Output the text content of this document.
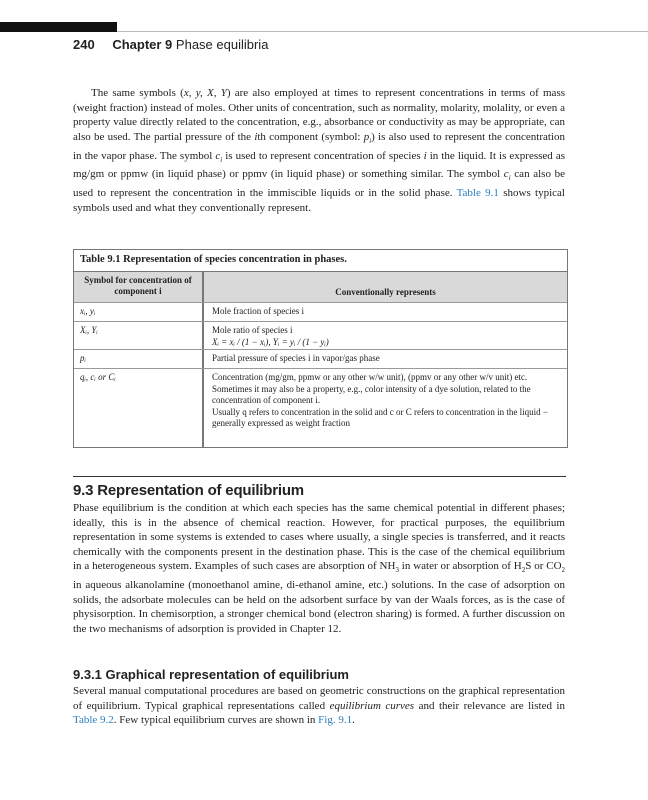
240 Chapter 9 Phase equilibria

The same symbols (x, y, X, Y) are also employed at times to represent concentrations in terms of mass (weight fraction) instead of moles. Other units of concentration, such as normality, molarity, molality, or even a property value directly related to the concentration, e.g., absorbance or conductivity as may be appropriate, can also be used. The partial pressure of the ith component (symbol: $p_i$) is also used to represent the concentration in the vapor phase. The symbol $c_i$ is used to represent concentration of species i in the liquid. It is expressed as mg/gm or ppmw (in liquid phase) or ppmv (in liquid phase) or something similar. The symbol $c_i$ can also be used to represent the concentration in the immiscible liquids or in the solid phase. Table 9.1 shows typical symbols used and what they conventionally represent.

Table 9.1 Representation of species concentration in phases.
Symbol for concentration of component i	Conventionally represents
xᵢ, yᵢ	Mole fraction of species i
Xᵢ, Yᵢ	Mole ratio of species i
Xᵢ = xᵢ / (1 − xᵢ), Yᵢ = yᵢ / (1 − yᵢ)
pᵢ	Partial pressure of species i in vapor/gas phase
qᵢ, cᵢ or Cᵢ	Concentration (mg/gm, ppmw or any other w/w unit), (ppmv or any other w/v unit) etc. Sometimes it may also be a property, e.g., color intensity of a dye solution, related to the concentration of component i.
Usually q refers to concentration in the solid and c or C refers to concentration in the liquid − generally expressed as weight fraction
9.3 Representation of equilibrium

Phase equilibrium is the condition at which each species has the same chemical potential in different phases; ideally, this is in the absence of chemical reaction. However, for practical purposes, the equilibrium representation in some systems is extended to cases where usually, a single species is transferred, and it reacts chemically with the components present in the destination phase. This is the case of the chemical equilibrium in a heterogeneous system. Examples of such cases are absorption of $NH_3$ in water or absorption of $H_2S$ or $CO_2$ in aqueous alkanolamine (monoethanol amine, di-ethanol amine, etc.) solutions. In the case of adsorption on solids, the adsorbate molecules can be held on the adsorbent surface by van der Waals forces, as is the case of physisorption. In chemisorption, a stronger chemical bond (electron sharing) is formed. A further discussion on the two mechanisms of adsorption is provided in Chapter 12.

9.3.1 Graphical representation of equilibrium

Several manual computational procedures are based on geometric constructions on the graphical representation of equilibrium. Typical graphical representations called equilibrium curves and their relevance are listed in Table 9.2. Few typical equilibrium curves are shown in Fig. 9.1.
